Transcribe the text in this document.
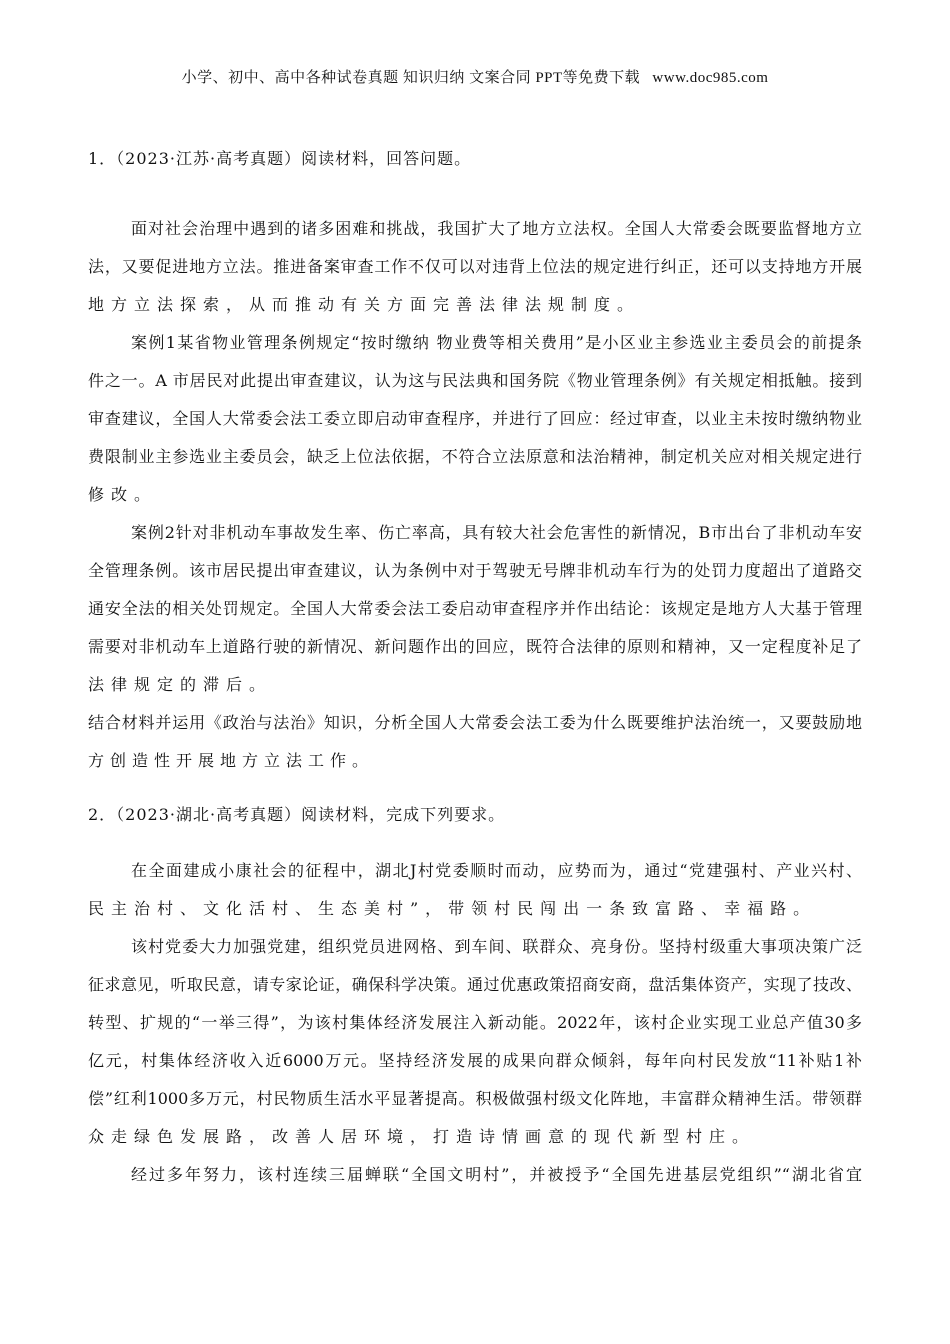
小学、初中、高中各种试卷真题 知识归纳 文案合同 PPT等免费下载 www.doc985.com
1．（2023·江苏·高考真题）阅读材料，回答问题。
面对社会治理中遇到的诸多困难和挑战，我国扩大了地方立法权。全国人大常委会既要监督地方立
法，又要促进地方立法。推进备案审查工作不仅可以对违背上位法的规定进行纠正，还可以支持地方开展
地方立法探索，从而推动有关方面完善法律法规制度。
案例1某省物业管理条例规定“按时缴纳 物业费等相关费用”是小区业主参选业主委员会的前提条
件之一。A 市居民对此提出审查建议，认为这与民法典和国务院《物业管理条例》有关规定相抵触。接到
审查建议，全国人大常委会法工委立即启动审查程序，并进行了回应：经过审查，以业主未按时缴纳物业
费限制业主参选业主委员会，缺乏上位法依据，不符合立法原意和法治精神，制定机关应对相关规定进行
修改。
案例2针对非机动车事故发生率、伤亡率高，具有较大社会危害性的新情况，B市出台了非机动车安
全管理条例。该市居民提出审查建议，认为条例中对于驾驶无号牌非机动车行为的处罚力度超出了道路交
通安全法的相关处罚规定。全国人大常委会法工委启动审查程序并作出结论：该规定是地方人大基于管理
需要对非机动车上道路行驶的新情况、新问题作出的回应，既符合法律的原则和精神，又一定程度补足了
法律规定的滞后。
结合材料并运用《政治与法治》知识，分析全国人大常委会法工委为什么既要维护法治统一，又要鼓励地
方创造性开展地方立法工作。
2．（2023·湖北·高考真题）阅读材料，完成下列要求。
在全面建成小康社会的征程中，湖北J村党委顺时而动，应势而为，通过“党建强村、产业兴村、
民主治村、文化活村、生态美村”，带领村民闯出一条致富路、幸福路。
该村党委大力加强党建，组织党员进网格、到车间、联群众、亮身份。坚持村级重大事项决策广泛
征求意见，听取民意，请专家论证，确保科学决策。通过优惠政策招商安商，盘活集体资产，实现了技改、
转型、扩规的“一举三得”，为该村集体经济发展注入新动能。2022年，该村企业实现工业总产值30多
亿元，村集体经济收入近6000万元。坚持经济发展的成果向群众倾斜，每年向村民发放“11补贴1补
偿”红利1000多万元，村民物质生活水平显著提高。积极做强村级文化阵地，丰富群众精神生活。带领群
众走绿色发展路，改善人居环境，打造诗情画意的现代新型村庄。
经过多年努力，该村连续三届蝉联“全国文明村”，并被授予“全国先进基层党组织”“湖北省宜
